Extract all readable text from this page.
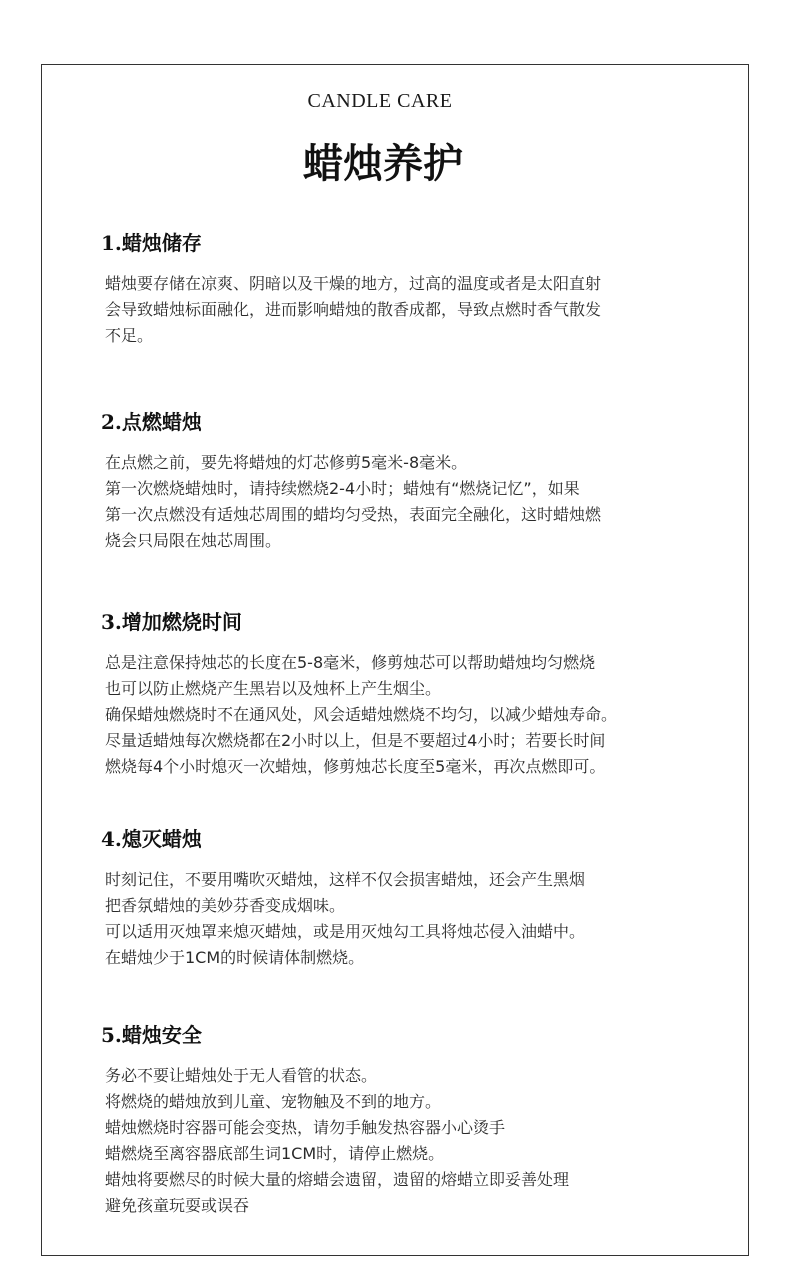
CANDLE CARE
蜡烛养护
1.蜡烛储存
蜡烛要存储在凉爽、阴暗以及干燥的地方，过高的温度或者是太阳直射
会导致蜡烛标面融化，进而影响蜡烛的散香成都，导致点燃时香气散发
不足。
2.点燃蜡烛
在点燃之前，要先将蜡烛的灯芯修剪5毫米-8毫米。
第一次燃烧蜡烛时，请持续燃烧2-4小时；蜡烛有“燃烧记忆”，如果
第一次点燃没有适烛芯周围的蜡均匀受热，表面完全融化，这时蜡烛燃
烧会只局限在烛芯周围。
3.增加燃烧时间
总是注意保持烛芯的长度在5-8毫米，修剪烛芯可以帮助蜡烛均匀燃烧
也可以防止燃烧产生黑岩以及烛杯上产生烟尘。
确保蜡烛燃烧时不在通风处，风会适蜡烛燃烧不均匀，以减少蜡烛寿命。
尽量适蜡烛每次燃烧都在2小时以上，但是不要超过4小时；若要长时间
燃烧每4个小时熄灭一次蜡烛，修剪烛芯长度至5毫米，再次点燃即可。
4.熄灭蜡烛
时刻记住，不要用嘴吹灭蜡烛，这样不仅会损害蜡烛，还会产生黑烟
把香氛蜡烛的美妙芬香变成烟味。
可以适用灭烛罩来熄灭蜡烛，或是用灭烛勾工具将烛芯侵入油蜡中。
在蜡烛少于1CM的时候请体制燃烧。
5.蜡烛安全
务必不要让蜡烛处于无人看管的状态。
将燃烧的蜡烛放到儿童、宠物触及不到的地方。
蜡烛燃烧时容器可能会变热，请勿手触发热容器小心烫手
蜡燃烧至离容器底部生词1CM时，请停止燃烧。
蜡烛将要燃尽的时候大量的熔蜡会遗留，遗留的熔蜡立即妥善处理
避免孩童玩耍或误吞
